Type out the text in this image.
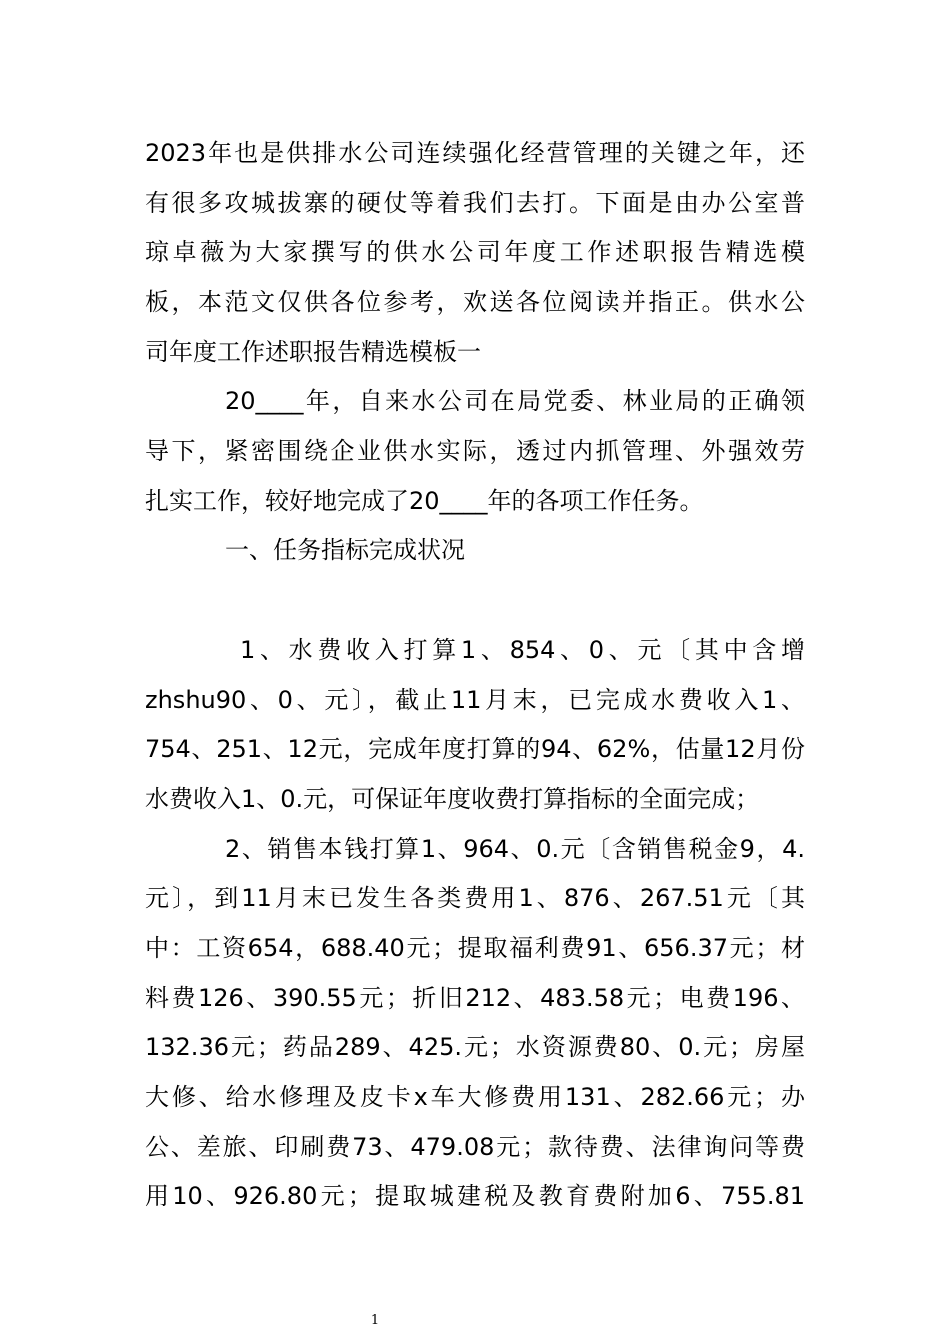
2023年也是供排水公司连续强化经营管理的关键之年，还
有很多攻城拔寨的硬仗等着我们去打。下面是由办公室普
琼卓薇为大家撰写的供水公司年度工作述职报告精选模
板，本范文仅供各位参考，欢送各位阅读并指正。供水公
司年度工作述职报告精选模板一
20____年，自来水公司在局党委、林业局的正确领
导下，紧密围绕企业供水实际，透过内抓管理、外强效劳
扎实工作，较好地完成了20____年的各项工作任务。
一、任务指标完成状况
1、水费收入打算1、854、0、元〔其中含增
zhshu90、0、元〕，截止11月末，已完成水费收入1、
754、251、12元，完成年度打算的94、62%，估量12月份
水费收入1、0.元，可保证年度收费打算指标的全面完成；
2、销售本钱打算1、964、0.元〔含销售税金9，4.
元〕，到11月末已发生各类费用1、876、267.51元〔其
中：工资654，688.40元；提取福利费91、656.37元；材
料费126、390.55元；折旧212、483.58元；电费196、
132.36元；药品289、425.元；水资源费80、0.元；房屋
大修、给水修理及皮卡x车大修费用131、282.66元；办
公、差旅、印刷费73、479.08元；款待费、法律询问等费
用10、926.80元；提取城建税及教育费附加6、755.81
1
